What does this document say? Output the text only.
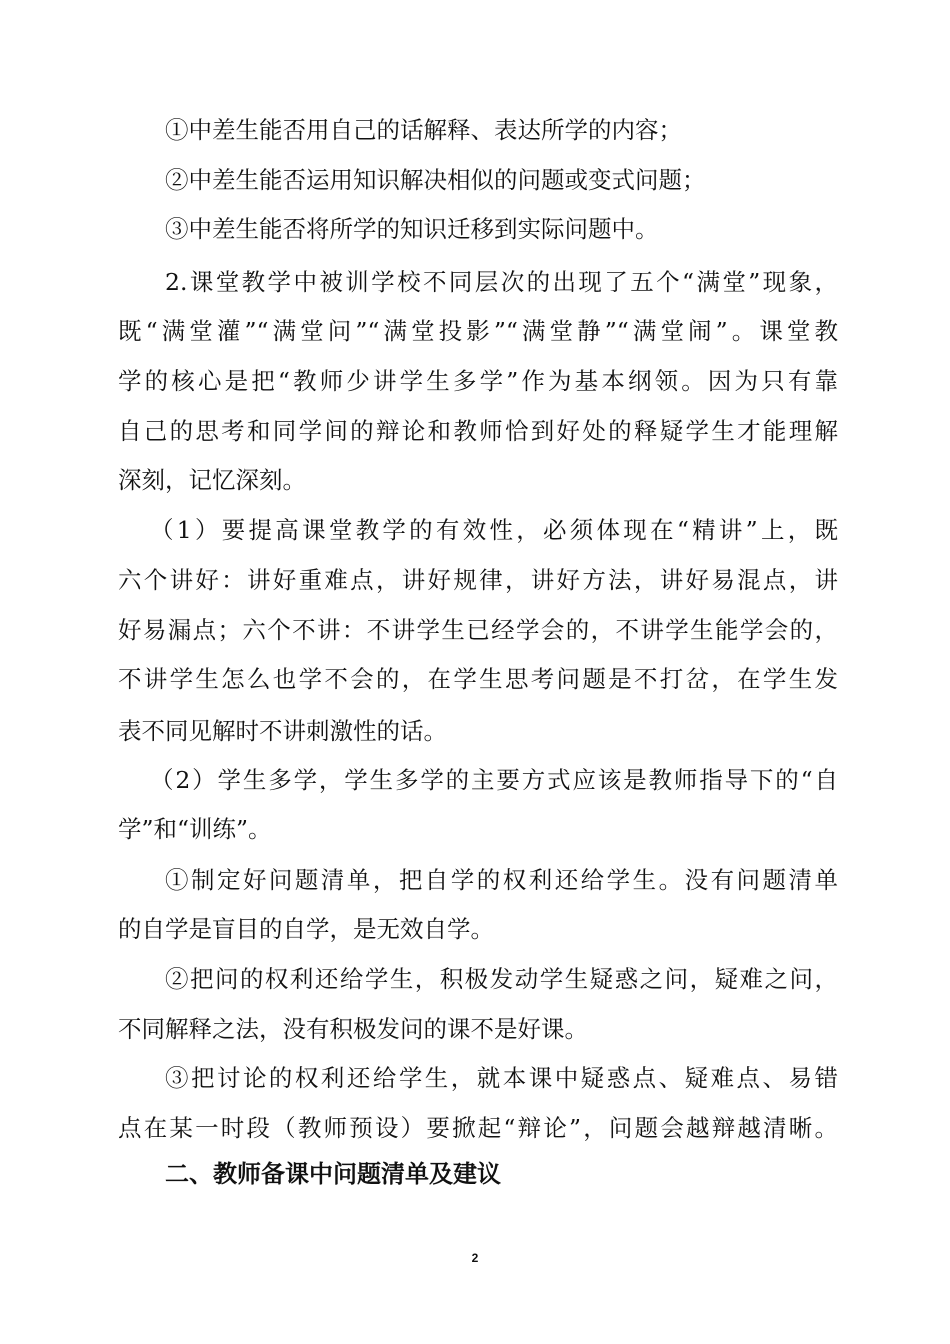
①中差生能否用自己的话解释、表达所学的内容；
②中差生能否运用知识解决相似的问题或变式问题；
③中差生能否将所学的知识迁移到实际问题中。
2.课堂教学中被训学校不同层次的出现了五个“满堂”现象，
既“满堂灌”“满堂问”“满堂投影”“满堂静”“满堂闹”。课堂教
学的核心是把“教师少讲学生多学”作为基本纲领。因为只有靠
自己的思考和同学间的辩论和教师恰到好处的释疑学生才能理解
深刻，记忆深刻。
（1）要提高课堂教学的有效性，必须体现在“精讲”上，既
六个讲好：讲好重难点，讲好规律，讲好方法，讲好易混点，讲
好易漏点；六个不讲：不讲学生已经学会的，不讲学生能学会的，
不讲学生怎么也学不会的，在学生思考问题是不打岔，在学生发
表不同见解时不讲刺激性的话。
（2）学生多学，学生多学的主要方式应该是教师指导下的“自
学”和“训练”。
①制定好问题清单，把自学的权利还给学生。没有问题清单
的自学是盲目的自学，是无效自学。
②把问的权利还给学生，积极发动学生疑惑之问，疑难之问，
不同解释之法，没有积极发问的课不是好课。
③把讨论的权利还给学生，就本课中疑惑点、疑难点、易错
点在某一时段（教师预设）要掀起“辩论”，问题会越辩越清晰。
二、教师备课中问题清单及建议
2
